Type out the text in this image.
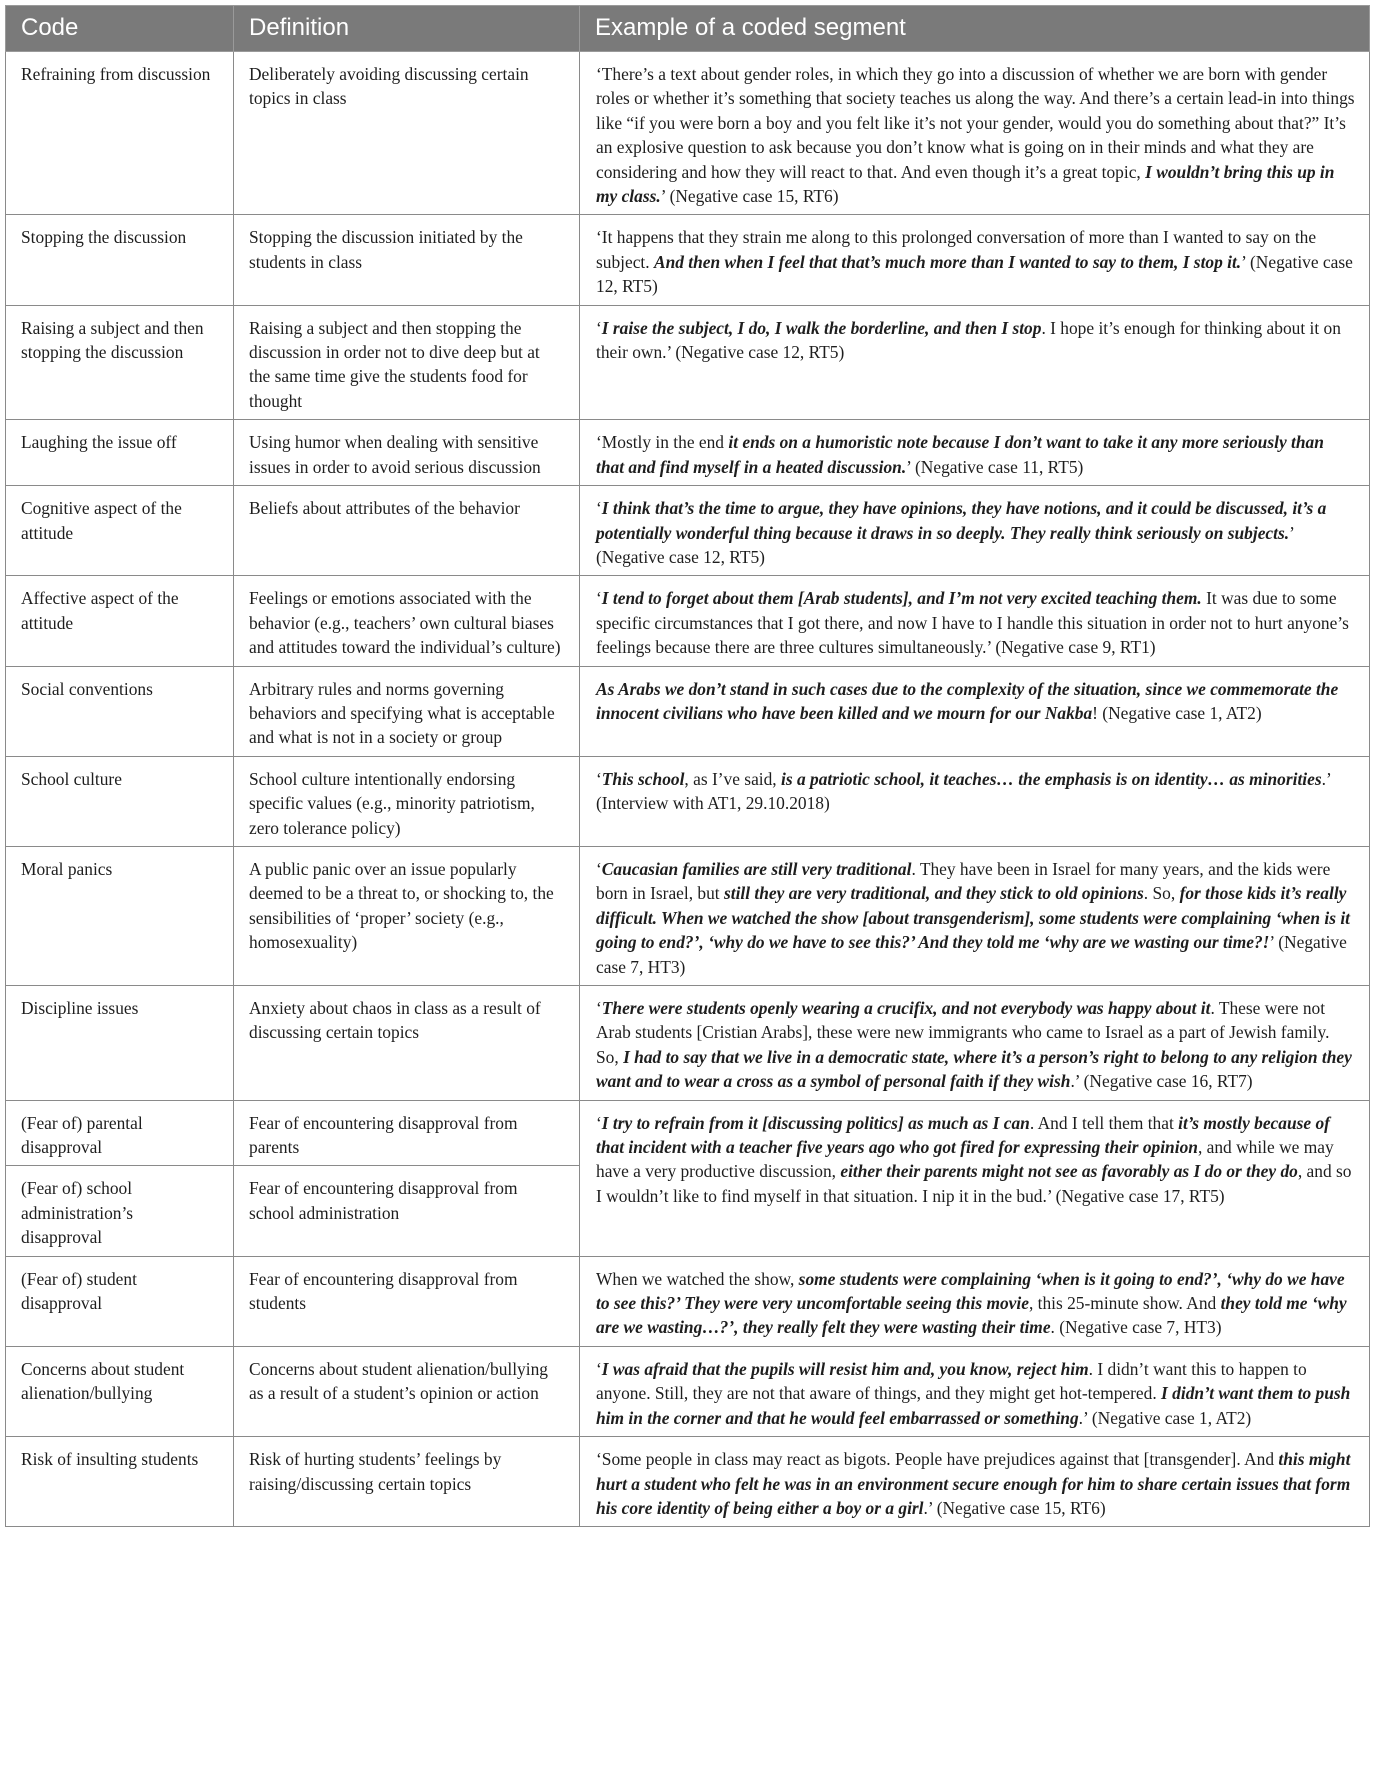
Code	Definition	Example of a coded segment
Refraining from discussion	Deliberately avoiding discussing certain topics in class	‘There’s a text about gender roles, in which they go into a discussion of whether we are born with gender roles or whether it’s something that society teaches us along the way. And there’s a certain lead-in into things like “if you were born a boy and you felt like it’s not your gender, would you do something about that?” It’s an explosive question to ask because you don’t know what is going on in their minds and what they are considering and how they will react to that. And even though it’s a great topic, I wouldn’t bring this up in my class.’ (Negative case 15, RT6)
Stopping the discussion	Stopping the discussion initiated by the students in class	‘It happens that they strain me along to this prolonged conversation of more than I wanted to say on the subject. And then when I feel that that’s much more than I wanted to say to them, I stop it.’ (Negative case 12, RT5)
Raising a subject and then stopping the discussion	Raising a subject and then stopping the discussion in order not to dive deep but at the same time give the students food for thought	‘I raise the subject, I do, I walk the borderline, and then I stop. I hope it’s enough for thinking about it on their own.’ (Negative case 12, RT5)
Laughing the issue off	Using humor when dealing with sensitive issues in order to avoid serious discussion	‘Mostly in the end it ends on a humoristic note because I don’t want to take it any more seriously than that and find myself in a heated discussion.’ (Negative case 11, RT5)
Cognitive aspect of the attitude	Beliefs about attributes of the behavior	‘I think that’s the time to argue, they have opinions, they have notions, and it could be discussed, it’s a potentially wonderful thing because it draws in so deeply. They really think seriously on subjects.’ (Negative case 12, RT5)
Affective aspect of the attitude	Feelings or emotions associated with the behavior (e.g., teachers’ own cultural biases and attitudes toward the individual’s culture)	‘I tend to forget about them [Arab students], and I’m not very excited teaching them. It was due to some specific circumstances that I got there, and now I have to I handle this situation in order not to hurt anyone’s feelings because there are three cultures simultaneously.’ (Negative case 9, RT1)
Social conventions	Arbitrary rules and norms governing behaviors and specifying what is acceptable and what is not in a society or group	As Arabs we don’t stand in such cases due to the complexity of the situation, since we commemorate the innocent civilians who have been killed and we mourn for our Nakba! (Negative case 1, AT2)
School culture	School culture intentionally endorsing specific values (e.g., minority patriotism, zero tolerance policy)	‘This school, as I’ve said, is a patriotic school, it teaches… the emphasis is on identity… as minorities.’ (Interview with AT1, 29.10.2018)
Moral panics	A public panic over an issue popularly deemed to be a threat to, or shocking to, the sensibilities of ‘proper’ society (e.g., homosexuality)	‘Caucasian families are still very traditional. They have been in Israel for many years, and the kids were born in Israel, but still they are very traditional, and they stick to old opinions. So, for those kids it’s really difficult. When we watched the show [about transgenderism], some students were complaining ‘when is it going to end?’, ‘why do we have to see this?’ And they told me ‘why are we wasting our time?!’ (Negative case 7, HT3)
Discipline issues	Anxiety about chaos in class as a result of discussing certain topics	‘There were students openly wearing a crucifix, and not everybody was happy about it. These were not Arab students [Cristian Arabs], these were new immigrants who came to Israel as a part of Jewish family. So, I had to say that we live in a democratic state, where it’s a person’s right to belong to any religion they want and to wear a cross as a symbol of personal faith if they wish.’ (Negative case 16, RT7)
(Fear of) parental disapproval	Fear of encountering disapproval from parents	‘I try to refrain from it [discussing politics] as much as I can. And I tell them that it’s mostly because of that incident with a teacher five years ago who got fired for expressing their opinion, and while we may have a very productive discussion, either their parents might not see as favorably as I do or they do, and so I wouldn’t like to find myself in that situation. I nip it in the bud.’ (Negative case 17, RT5)
(Fear of) school administration’s disapproval	Fear of encountering disapproval from school administration	
(Fear of) student disapproval	Fear of encountering disapproval from students	When we watched the show, some students were complaining ‘when is it going to end?’, ‘why do we have to see this?’ They were very uncomfortable seeing this movie, this 25-minute show. And they told me ‘why are we wasting…?’, they really felt they were wasting their time. (Negative case 7, HT3)
Concerns about student alienation/bullying	Concerns about student alienation/bullying as a result of a student’s opinion or action	‘I was afraid that the pupils will resist him and, you know, reject him. I didn’t want this to happen to anyone. Still, they are not that aware of things, and they might get hot-tempered. I didn’t want them to push him in the corner and that he would feel embarrassed or something.’ (Negative case 1, AT2)
Risk of insulting students	Risk of hurting students’ feelings by raising/discussing certain topics	‘Some people in class may react as bigots. People have prejudices against that [transgender]. And this might hurt a student who felt he was in an environment secure enough for him to share certain issues that form his core identity of being either a boy or a girl.’ (Negative case 15, RT6)
